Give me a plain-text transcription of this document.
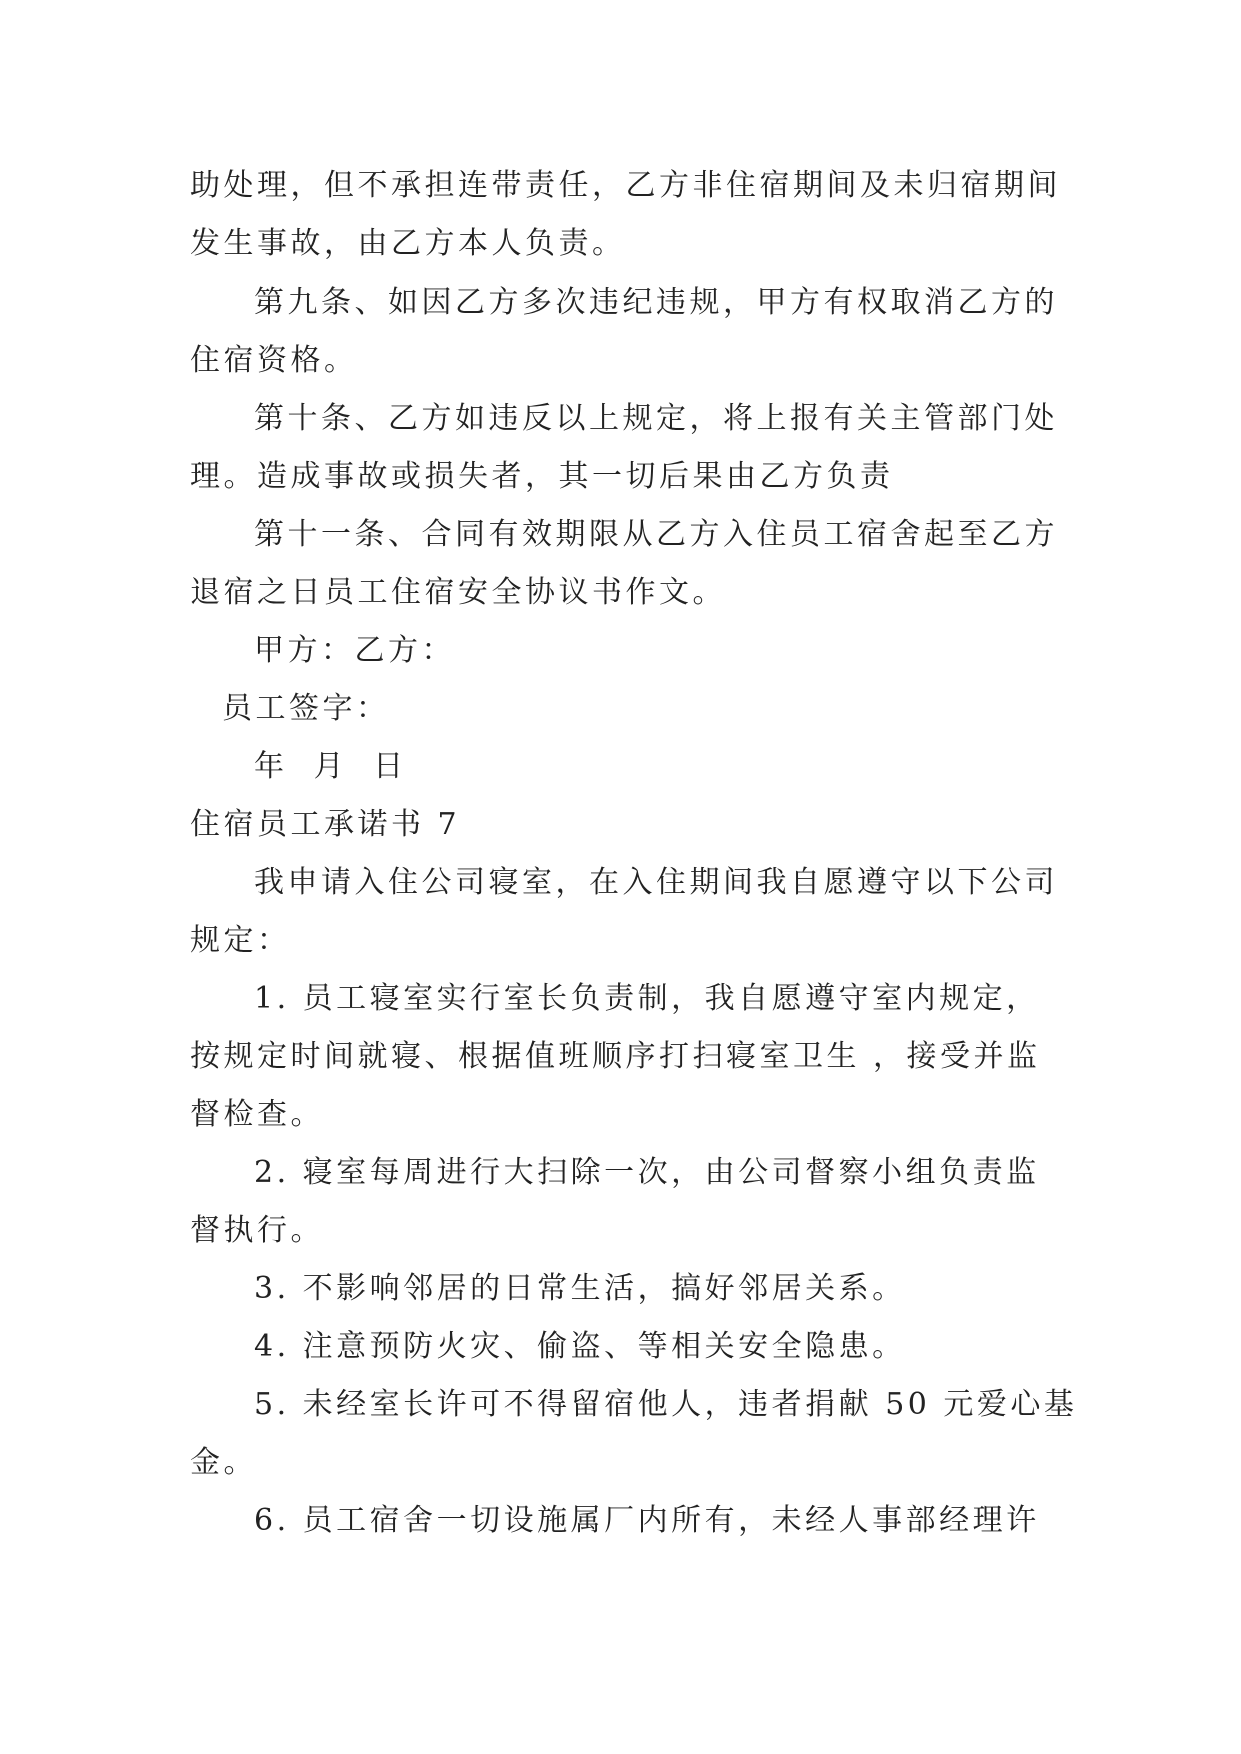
助处理，但不承担连带责任，乙方非住宿期间及未归宿期间
发生事故，由乙方本人负责。
第九条、如因乙方多次违纪违规，甲方有权取消乙方的
住宿资格。
第十条、乙方如违反以上规定，将上报有关主管部门处
理。造成事故或损失者，其一切后果由乙方负责
第十一条、合同有效期限从乙方入住员工宿舍起至乙方
退宿之日员工住宿安全协议书作文。
甲方：乙方：
员工签字：
年  月  日
住宿员工承诺书 7
我申请入住公司寝室，在入住期间我自愿遵守以下公司
规定：
1. 员工寝室实行室长负责制，我自愿遵守室内规定，
按规定时间就寝、根据值班顺序打扫寝室卫生 ，接受并监
督检查。
2. 寝室每周进行大扫除一次，由公司督察小组负责监
督执行。
3. 不影响邻居的日常生活，搞好邻居关系。
4. 注意预防火灾、偷盗、等相关安全隐患。
5. 未经室长许可不得留宿他人，违者捐献 50 元爱心基
金。
6. 员工宿舍一切设施属厂内所有，未经人事部经理许
